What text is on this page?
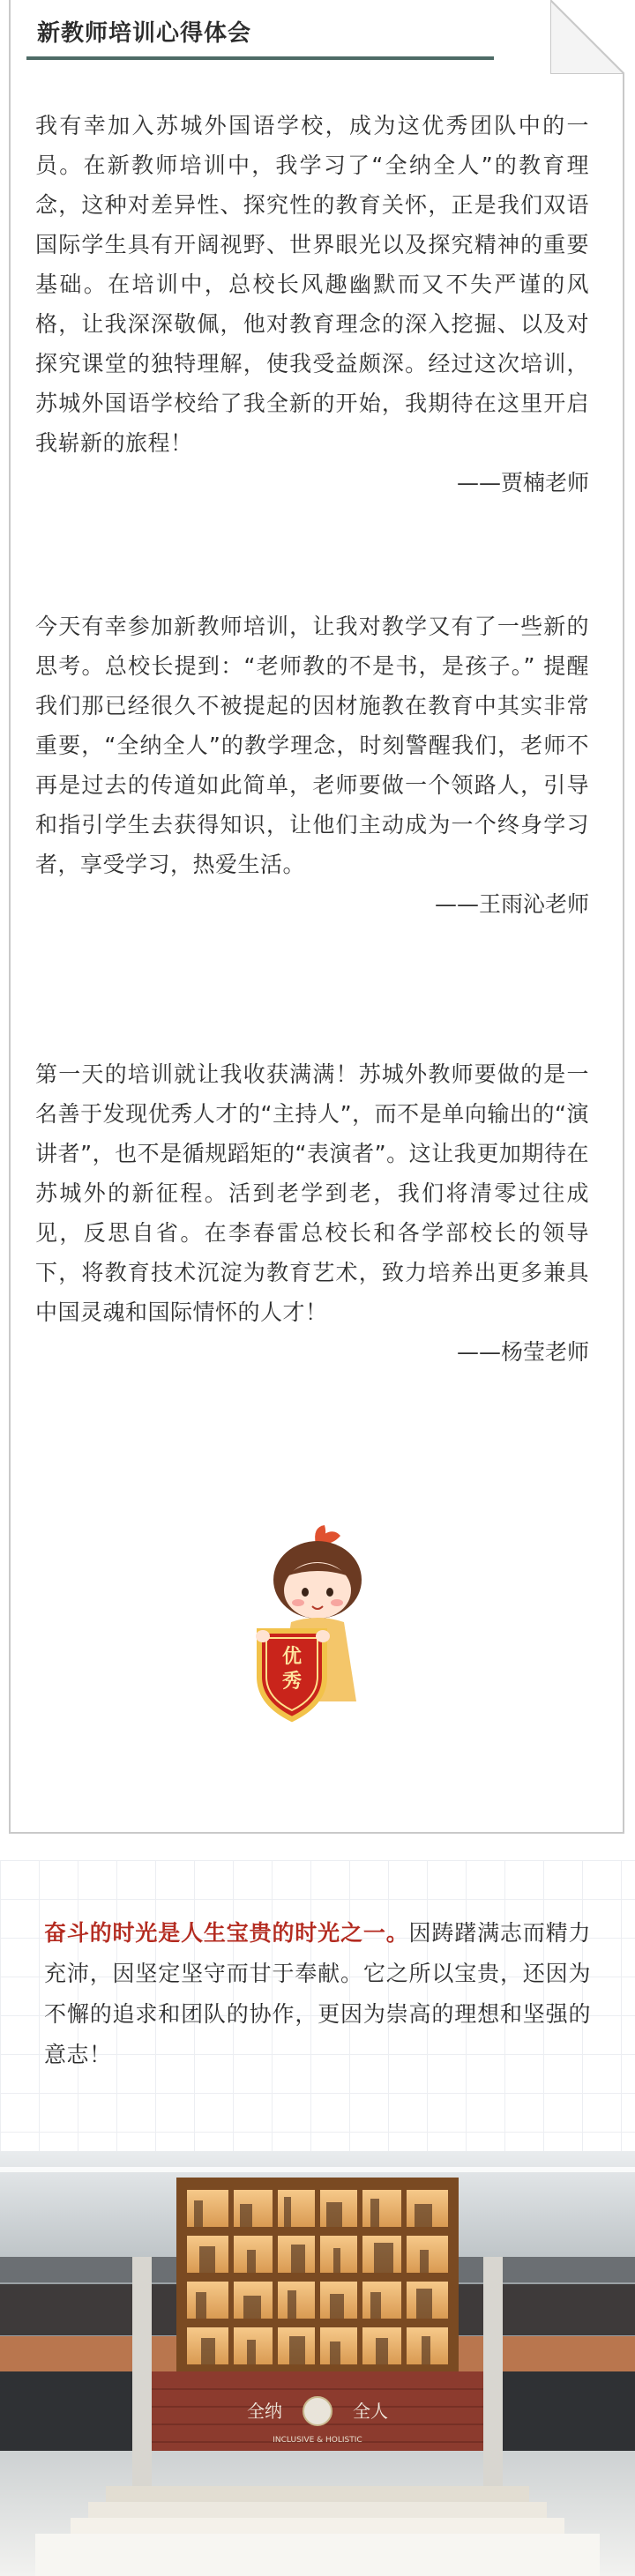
新教师培训心得体会

我有幸加入苏城外国语学校，成为这优秀团队中的一员。在新教师培训中，我学习了“全纳全人”的教育理念，这种对差异性、探究性的教育关怀，正是我们双语国际学生具有开阔视野、世界眼光以及探究精神的重要基础。在培训中，总校长风趣幽默而又不失严谨的风格，让我深深敬佩，他对教育理念的深入挖掘、以及对探究课堂的独特理解，使我受益颇深。经过这次培训，苏城外国语学校给了我全新的开始，我期待在这里开启我崭新的旅程！

——贾楠老师

今天有幸参加新教师培训，让我对教学又有了一些新的思考。总校长提到：“老师教的不是书，是孩子。” 提醒我们那已经很久不被提起的因材施教在教育中其实非常重要，“全纳全人”的教学理念，时刻警醒我们，老师不再是过去的传道如此简单，老师要做一个领路人，引导和指引学生去获得知识，让他们主动成为一个终身学习者，享受学习，热爱生活。

——王雨沁老师

第一天的培训就让我收获满满！苏城外教师要做的是一名善于发现优秀人才的“主持人”，而不是单向输出的“演讲者”，也不是循规蹈矩的“表演者”。这让我更加期待在苏城外的新征程。活到老学到老，我们将清零过往成见，反思自省。在李春雷总校长和各学部校长的领导下，将教育技术沉淀为教育艺术，致力培养出更多兼具中国灵魂和国际情怀的人才！

——杨莹老师
优
秀
奋斗的时光是人生宝贵的时光之一。因踌躇满志而精力充沛，因坚定坚守而甘于奉献。它之所以宝贵，还因为不懈的追求和团队的协作，更因为崇高的理想和坚强的意志！
全纳	全人
INCLUSIVE & HOLISTIC
